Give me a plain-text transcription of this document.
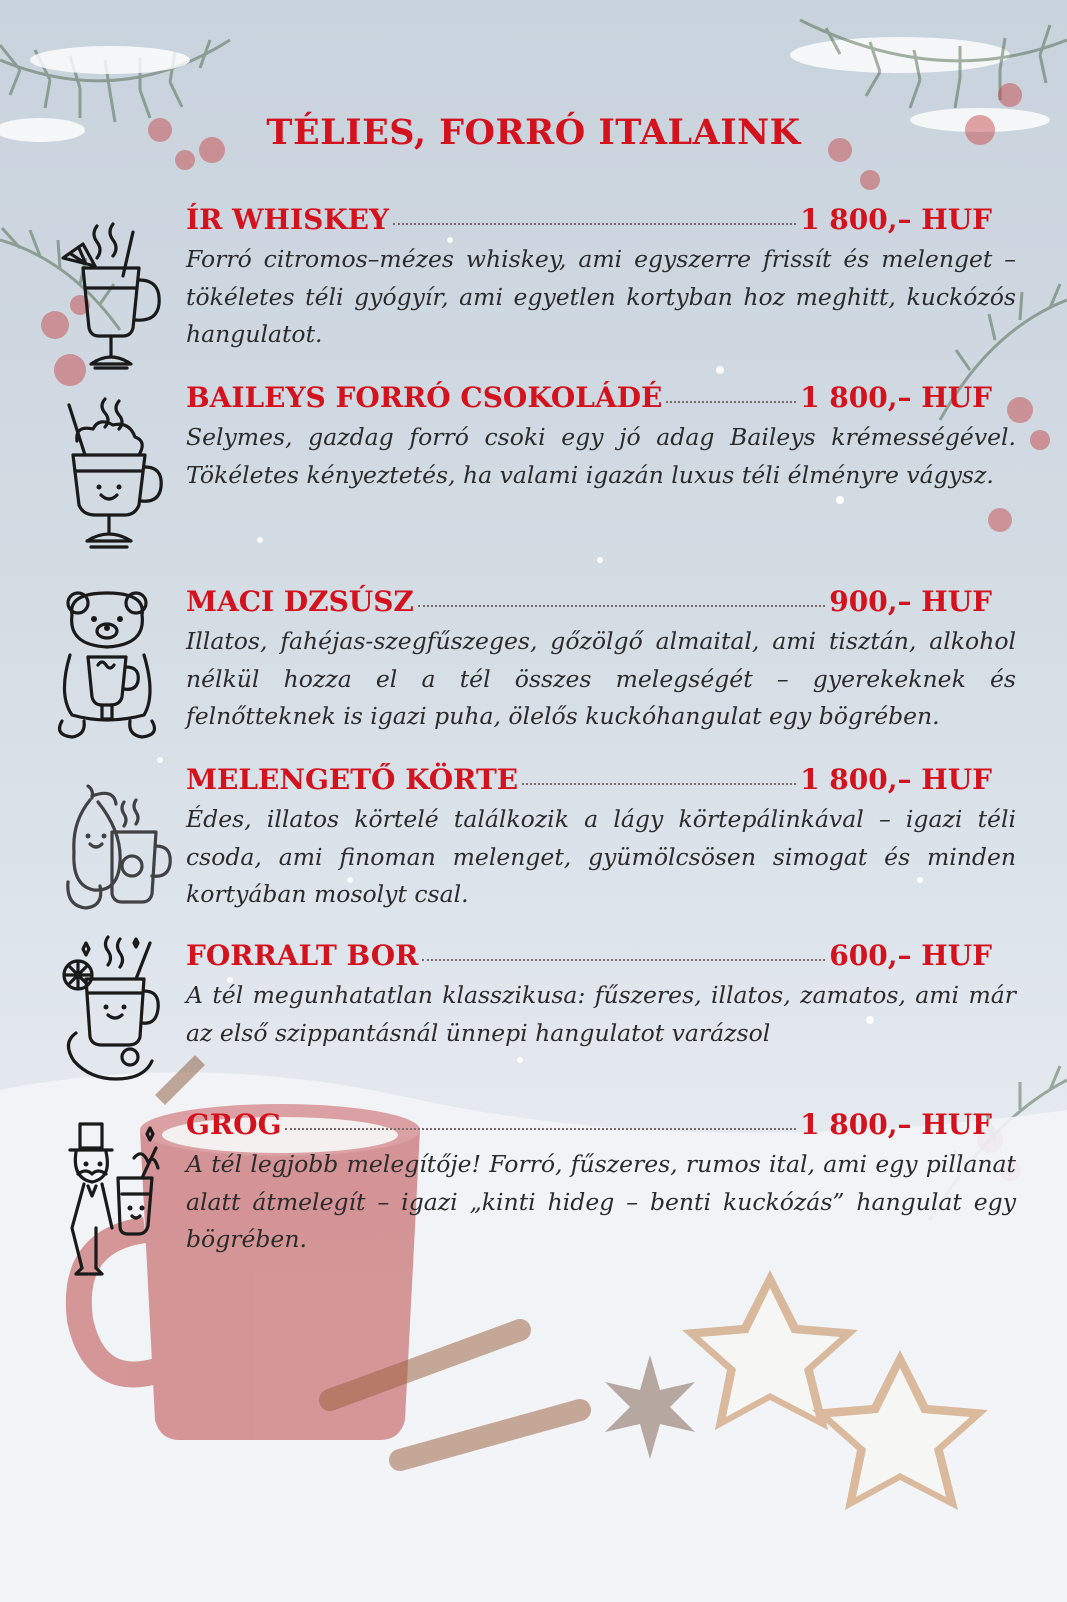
TÉLIES, FORRÓ ITALAINK
ÍR WHISKEY	1 800,– HUF

Forró citromos–mézes whiskey, ami egyszerre frissít és melenget – tökéletes téli gyógyír, ami egyetlen kortyban hoz meghitt, kuckózós hangulatot.

BAILEYS FORRÓ CSOKOLÁDÉ	1 800,– HUF

Selymes, gazdag forró csoki egy jó adag Baileys krémességével. Tökéletes kényeztetés, ha valami igazán luxus téli élményre vágysz.

MACI DZSÚSZ	900,– HUF

Illatos, fahéjas-szegfűszeges, gőzölgő almaital, ami tisztán, alkohol nélkül hozza el a tél összes melegségét – gyerekeknek és felnőtteknek is igazi puha, ölelős kuckóhangulat egy bögrében.

MELENGETŐ KÖRTE	1 800,– HUF

Édes, illatos körtelé találkozik a lágy körtepálinkával – igazi téli csoda, ami finoman melenget, gyümölcsösen simogat és minden kortyában mosolyt csal.

FORRALT BOR	600,– HUF

A tél megunhatatlan klasszikusa: fűszeres, illatos, zamatos, ami már az első szippantásnál ünnepi hangulatot varázsol

GROG	1 800,– HUF

A tél legjobb melegítője! Forró, fűszeres, rumos ital, ami egy pillanat alatt átmelegít – igazi „kinti hideg – benti kuckózás” hangulat egy bögrében.
